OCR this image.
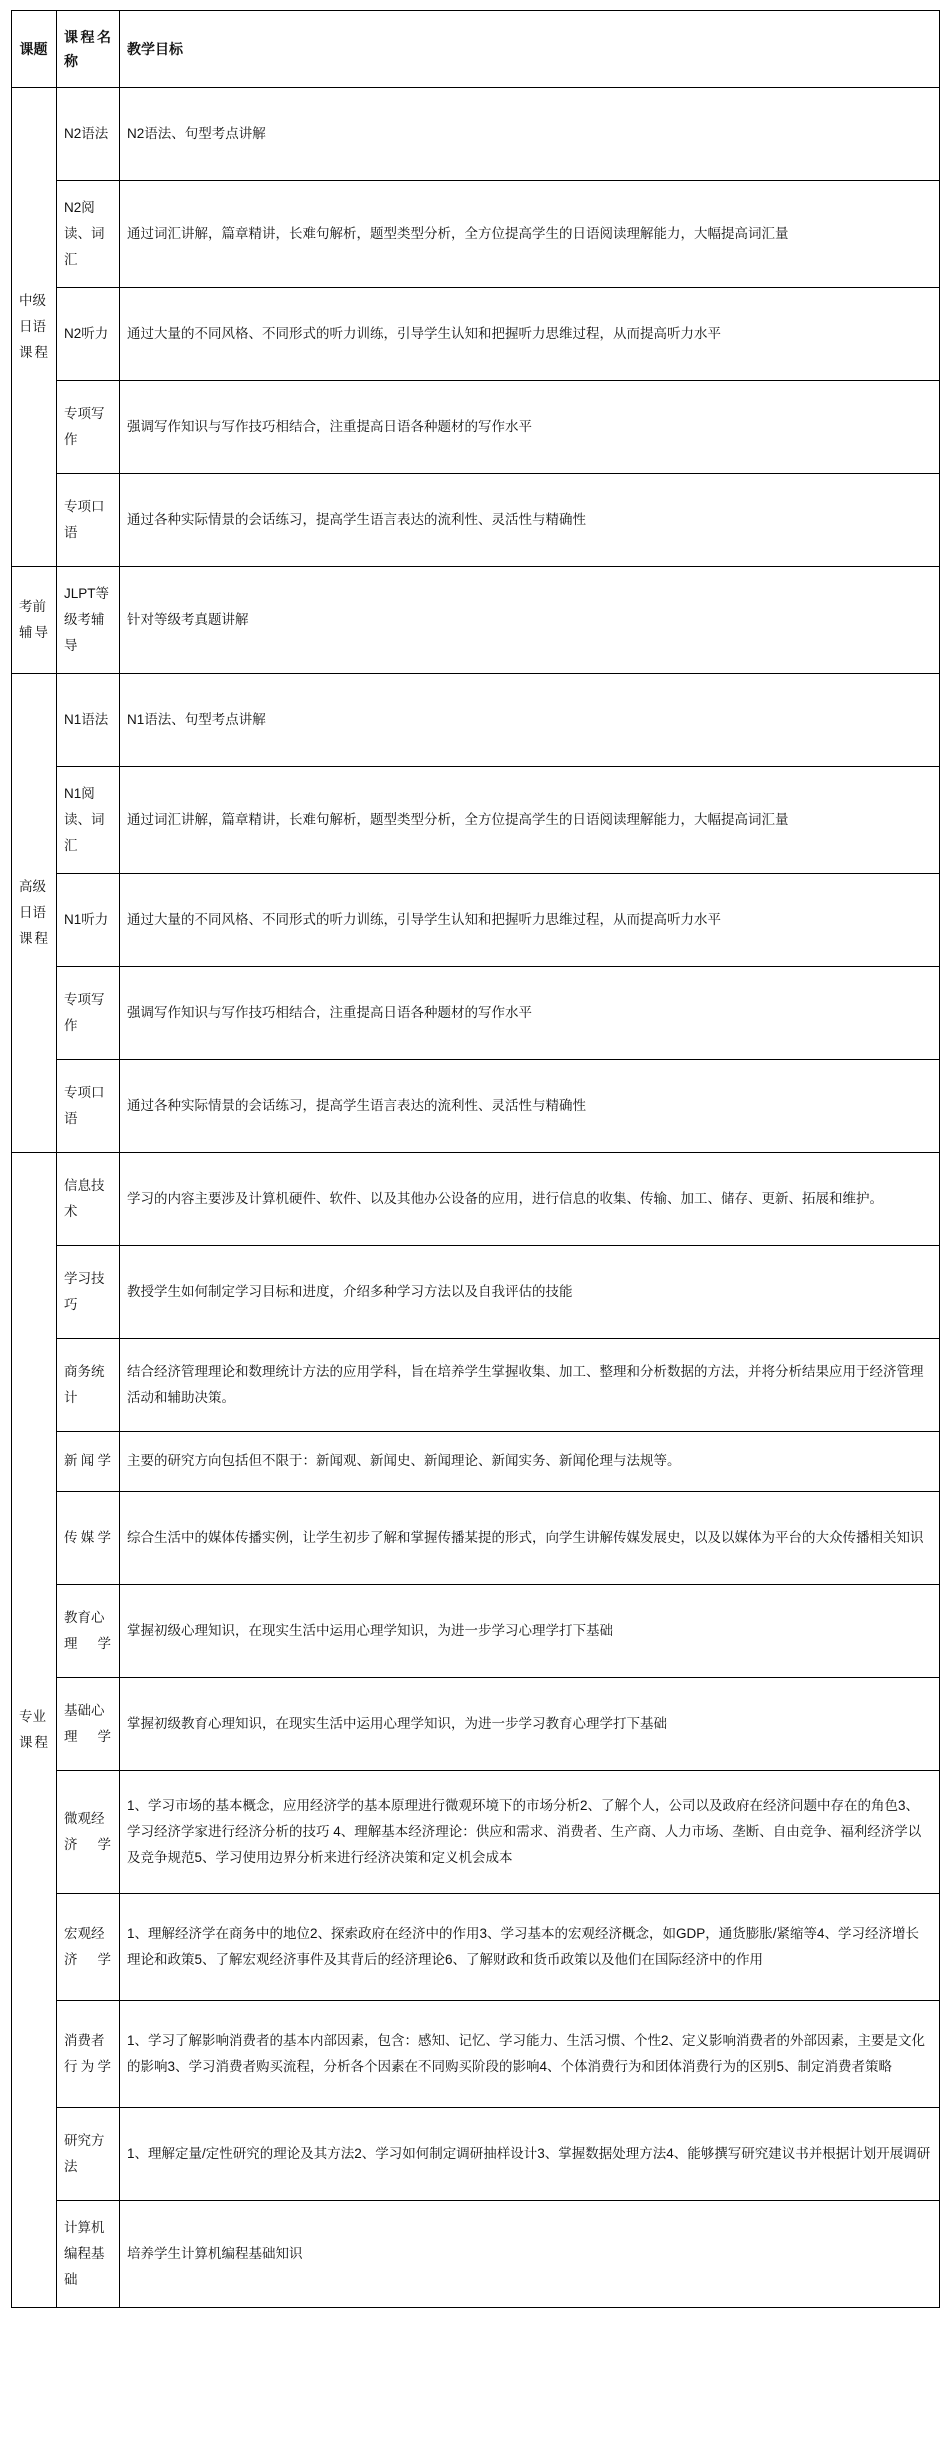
课题	课程名称	教学目标
中级日语课程	N2语法	N2语法、句型考点讲解
	N2阅读、词汇	通过词汇讲解，篇章精讲，长难句解析，题型类型分析，全方位提高学生的日语阅读理解能力，大幅提高词汇量
	N2听力	通过大量的不同风格、不同形式的听力训练，引导学生认知和把握听力思维过程，从而提高听力水平
	专项写作	强调写作知识与写作技巧相结合，注重提高日语各种题材的写作水平
	专项口语	通过各种实际情景的会话练习，提高学生语言表达的流利性、灵活性与精确性
考前辅导	JLPT等级考辅导	针对等级考真题讲解
高级日语课程	N1语法	N1语法、句型考点讲解
	N1阅读、词汇	通过词汇讲解，篇章精讲，长难句解析，题型类型分析，全方位提高学生的日语阅读理解能力，大幅提高词汇量
	N1听力	通过大量的不同风格、不同形式的听力训练，引导学生认知和把握听力思维过程，从而提高听力水平
	专项写作	强调写作知识与写作技巧相结合，注重提高日语各种题材的写作水平
	专项口语	通过各种实际情景的会话练习，提高学生语言表达的流利性、灵活性与精确性
专业课程	信息技术	学习的内容主要涉及计算机硬件、软件、以及其他办公设备的应用，进行信息的收集、传输、加工、储存、更新、拓展和维护。
	学习技巧	教授学生如何制定学习目标和进度，介绍多种学习方法以及自我评估的技能
	商务统计	结合经济管理理论和数理统计方法的应用学科，旨在培养学生掌握收集、加工、整理和分析数据的方法，并将分析结果应用于经济管理活动和辅助决策。
	新闻学	主要的研究方向包括但不限于：新闻观、新闻史、新闻理论、新闻实务、新闻伦理与法规等。
	传媒学	综合生活中的媒体传播实例，让学生初步了解和掌握传播某提的形式，向学生讲解传媒发展史，以及以媒体为平台的大众传播相关知识
	教育心理学	掌握初级心理知识，在现实生活中运用心理学知识，为进一步学习心理学打下基础
	基础心理学	掌握初级教育心理知识，在现实生活中运用心理学知识，为进一步学习教育心理学打下基础
	微观经济学	1、学习市场的基本概念，应用经济学的基本原理进行微观环境下的市场分析2、了解个人，公司以及政府在经济问题中存在的角色3、学习经济学家进行经济分析的技巧 4、理解基本经济理论：供应和需求、消费者、生产商、人力市场、垄断、自由竞争、福利经济学以及竞争规范5、学习使用边界分析来进行经济决策和定义机会成本
	宏观经济学	1、理解经济学在商务中的地位2、探索政府在经济中的作用3、学习基本的宏观经济概念，如GDP，通货膨胀/紧缩等4、学习经济增长理论和政策5、了解宏观经济事件及其背后的经济理论6、了解财政和货币政策以及他们在国际经济中的作用
	消费者行为学	1、学习了解影响消费者的基本内部因素，包含：感知、记忆、学习能力、生活习惯、个性2、定义影响消费者的外部因素，主要是文化的影响3、学习消费者购买流程，分析各个因素在不同购买阶段的影响4、个体消费行为和团体消费行为的区别5、制定消费者策略
	研究方法	1、理解定量/定性研究的理论及其方法2、学习如何制定调研抽样设计3、掌握数据处理方法4、能够撰写研究建议书并根据计划开展调研
	计算机编程基础	培养学生计算机编程基础知识
